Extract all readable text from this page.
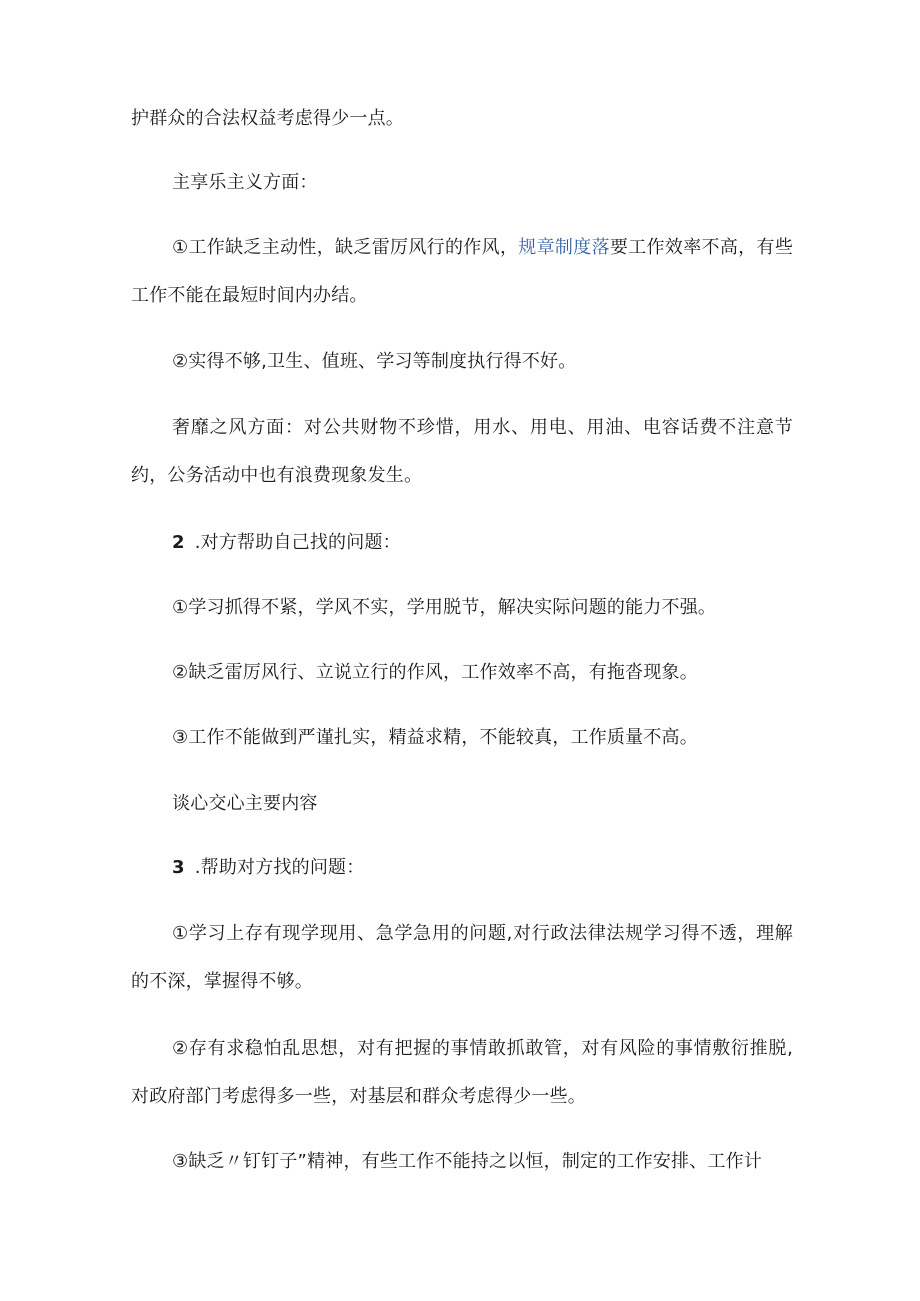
护群众的合法权益考虑得少一点。

主享乐主义方面：

①工作缺乏主动性，缺乏雷厉风行的作风，规章制度落要工作效率不高，有些工作不能在最短时间内办结。

②实得不够,卫生、值班、学习等制度执行得不好。

奢靡之风方面：对公共财物不珍惜，用水、用电、用油、电容话费不注意节约，公务活动中也有浪费现象发生。

2 .对方帮助自己找的问题：

①学习抓得不紧，学风不实，学用脱节，解决实际问题的能力不强。

②缺乏雷厉风行、立说立行的作风，工作效率不高，有拖沓现象。

③工作不能做到严谨扎实，精益求精，不能较真，工作质量不高。

谈心交心主要内容

3 .帮助对方找的问题：

①学习上存有现学现用、急学急用的问题,对行政法律法规学习得不透，理解的不深，掌握得不够。

②存有求稳怕乱思想，对有把握的事情敢抓敢管，对有风险的事情敷衍推脱,对政府部门考虑得多一些，对基层和群众考虑得少一些。

③缺乏〃钉钉子”精神，有些工作不能持之以恒，制定的工作安排、工作计
